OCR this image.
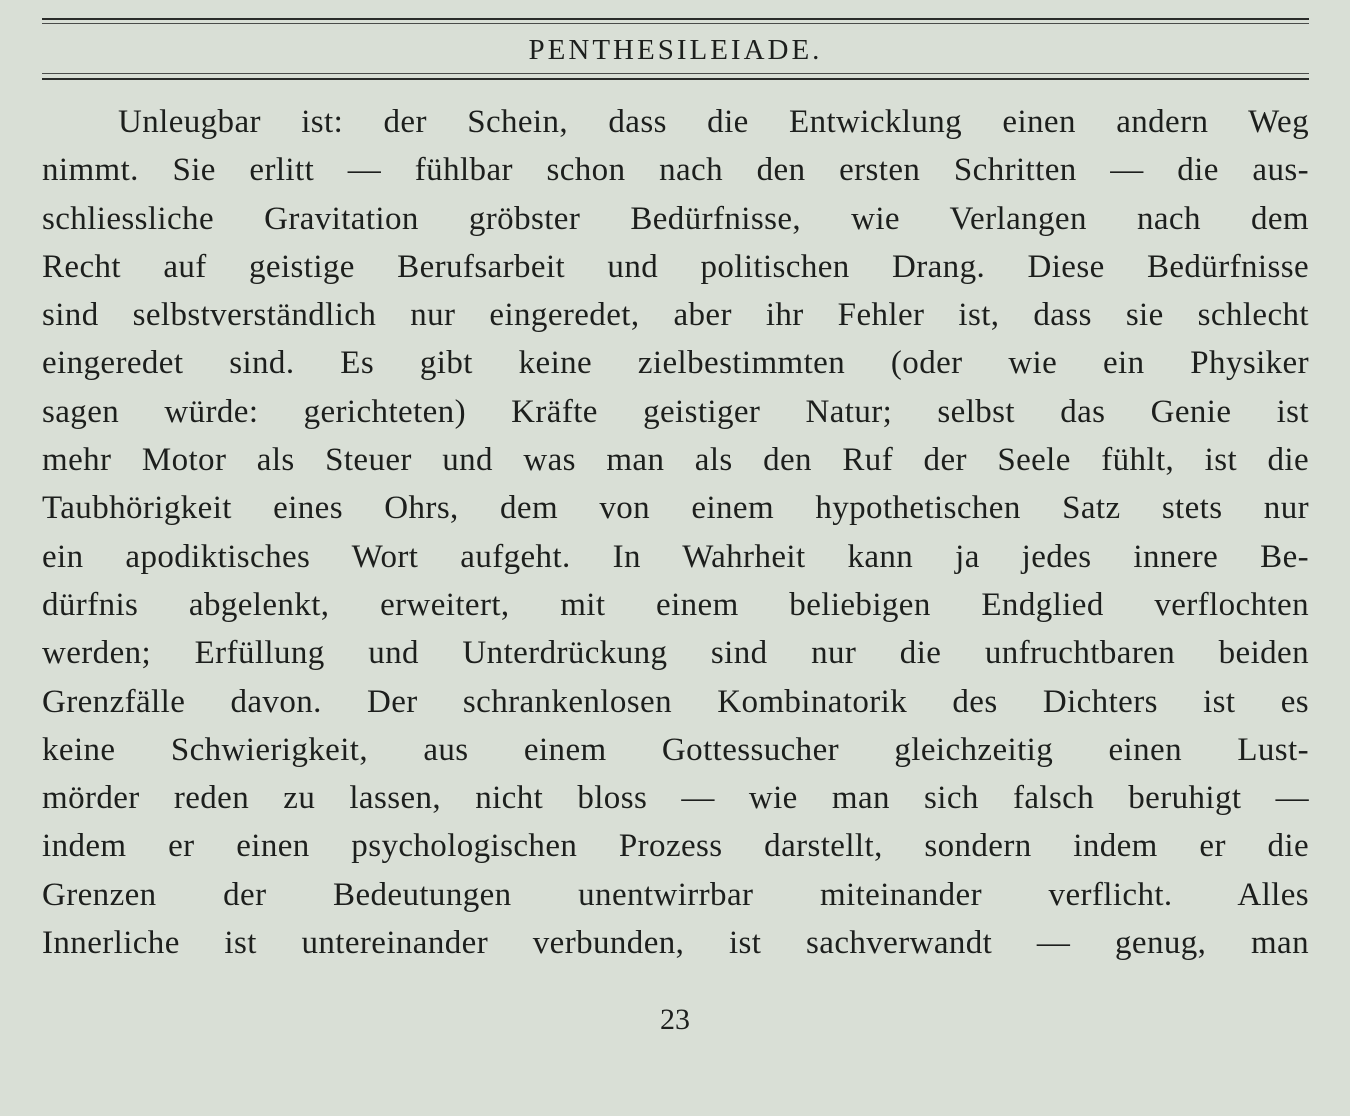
PENTHESILEIADE.
Unleugbar ist: der Schein, dass die Entwicklung einen andern Weg
nimmt. Sie erlitt — fühlbar schon nach den ersten Schritten — die aus-
schliessliche Gravitation gröbster Bedürfnisse, wie Verlangen nach dem
Recht auf geistige Berufsarbeit und politischen Drang. Diese Bedürfnisse
sind selbstverständlich nur eingeredet, aber ihr Fehler ist, dass sie schlecht
eingeredet sind. Es gibt keine zielbestimmten (oder wie ein Physiker
sagen würde: gerichteten) Kräfte geistiger Natur; selbst das Genie ist
mehr Motor als Steuer und was man als den Ruf der Seele fühlt, ist die
Taubhörigkeit eines Ohrs, dem von einem hypothetischen Satz stets nur
ein apodiktisches Wort aufgeht. In Wahrheit kann ja jedes innere Be-
dürfnis abgelenkt, erweitert, mit einem beliebigen Endglied verflochten
werden; Erfüllung und Unterdrückung sind nur die unfruchtbaren beiden
Grenzfälle davon. Der schrankenlosen Kombinatorik des Dichters ist es
keine Schwierigkeit, aus einem Gottessucher gleichzeitig einen Lust-
mörder reden zu lassen, nicht bloss — wie man sich falsch beruhigt —
indem er einen psychologischen Prozess darstellt, sondern indem er die
Grenzen der Bedeutungen unentwirrbar miteinander verflicht. Alles
Innerliche ist untereinander verbunden, ist sachverwandt — genug, man
23
